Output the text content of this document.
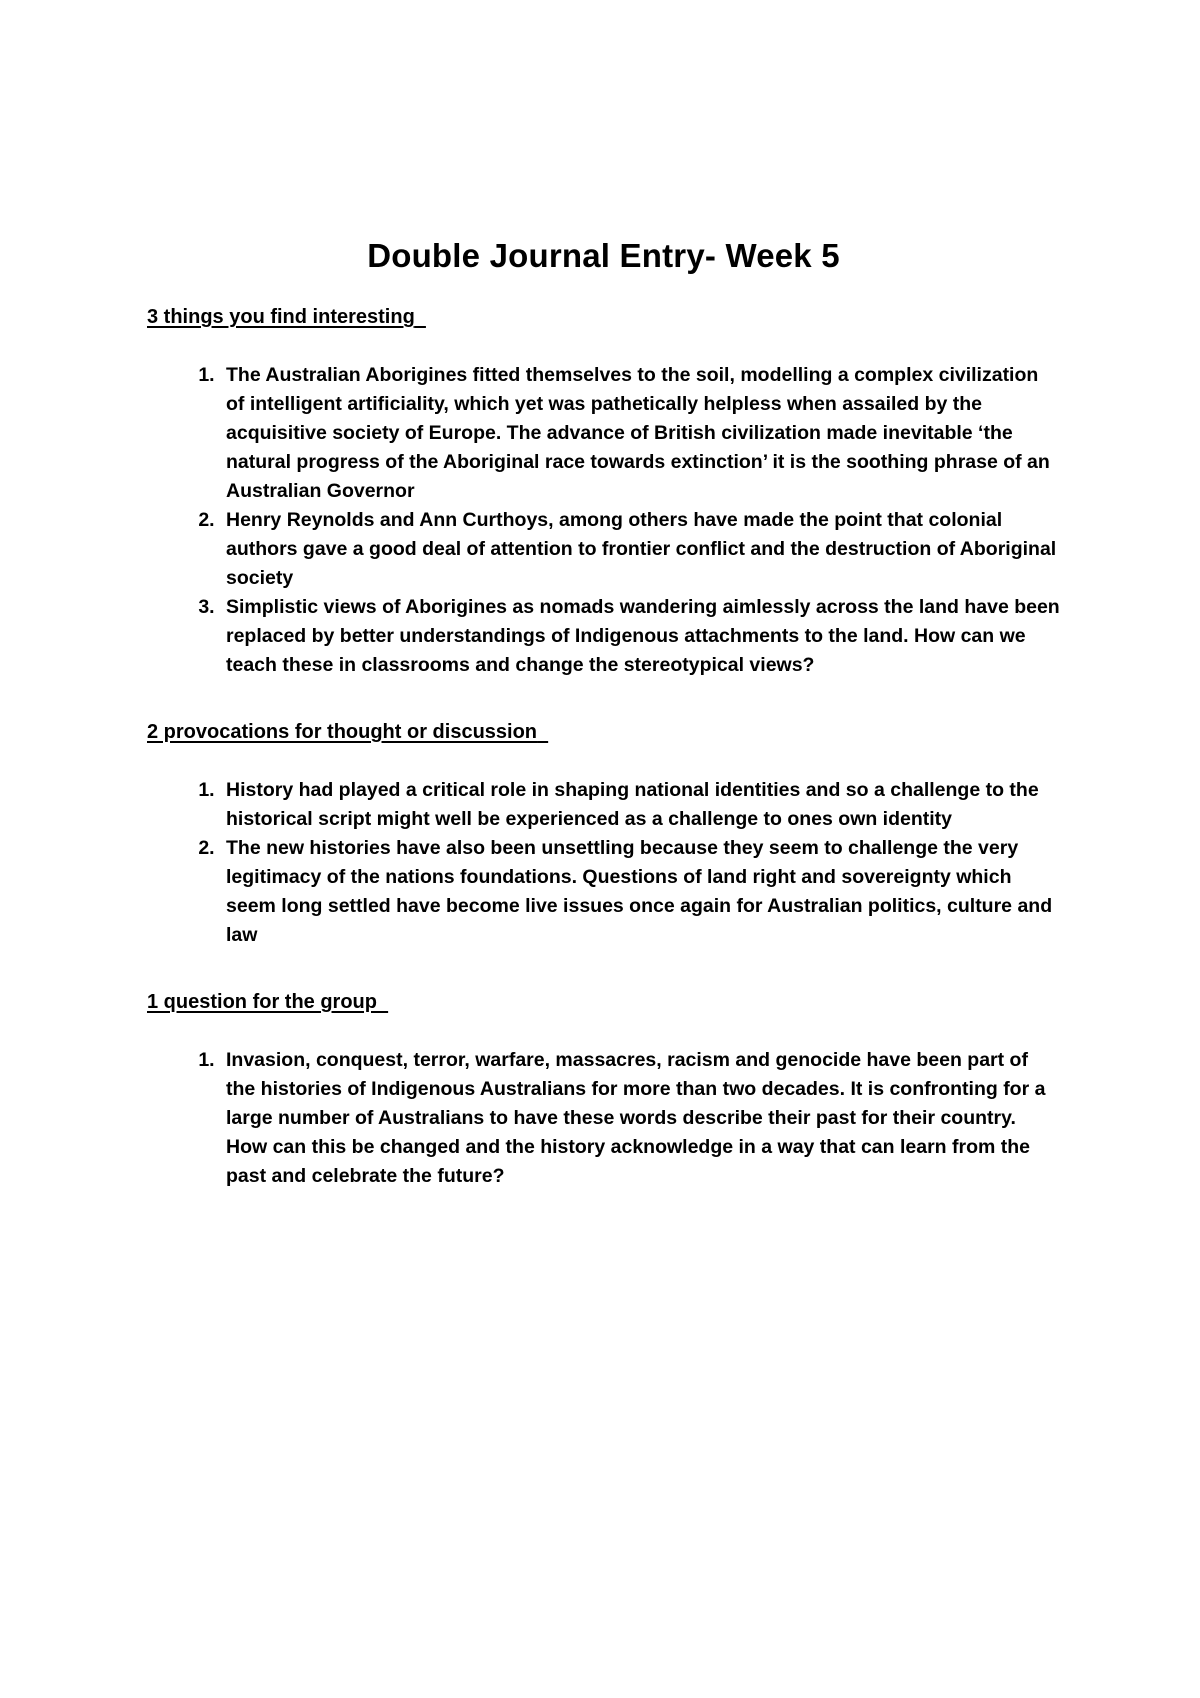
Double Journal Entry- Week 5
3 things you find interesting
1. The Australian Aborigines fitted themselves to the soil, modelling a complex civilization of intelligent artificiality, which yet was pathetically helpless when assailed by the acquisitive society of Europe. The advance of British civilization made inevitable ‘the natural progress of the Aboriginal race towards extinction’ it is the soothing phrase of an Australian Governor
2. Henry Reynolds and Ann Curthoys, among others have made the point that colonial authors gave a good deal of attention to frontier conflict and the destruction of Aboriginal society
3. Simplistic views of Aborigines as nomads wandering aimlessly across the land have been replaced by better understandings of Indigenous attachments to the land. How can we teach these in classrooms and change the stereotypical views?
2 provocations for thought or discussion
1. History had played a critical role in shaping national identities and so a challenge to the historical script might well be experienced as a challenge to ones own identity
2. The new histories have also been unsettling because they seem to challenge the very legitimacy of the nations foundations. Questions of land right and sovereignty which seem long settled have become live issues once again for Australian politics, culture and law
1 question for the group
1. Invasion, conquest, terror, warfare, massacres, racism and genocide have been part of the histories of Indigenous Australians for more than two decades. It is confronting for a large number of Australians to have these words describe their past for their country. How can this be changed and the history acknowledge in a way that can learn from the past and celebrate the future?
